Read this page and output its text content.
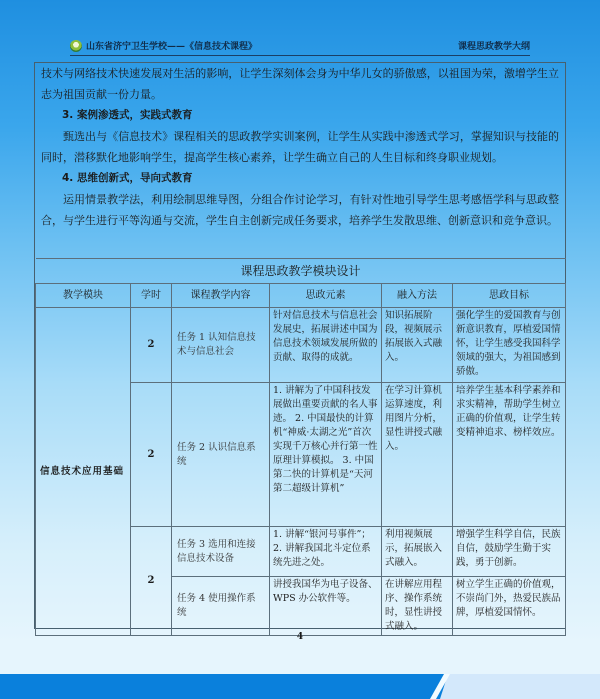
山东省济宁卫生学校——《信息技术课程》	课程思政教学大纲

技术与网络技术快速发展对生活的影响，让学生深刻体会身为中华儿女的骄傲感，以祖国为荣，激增学生立志为祖国贡献一份力量。

3. 案例渗透式，实践式教育

甄选出与《信息技术》课程相关的思政教学实训案例，让学生从实践中渗透式学习，掌握知识与技能的同时，潜移默化地影响学生，提高学生核心素养，让学生确立自己的人生目标和终身职业规划。

4. 思维创新式，导向式教育

运用情景教学法，利用绘制思维导图，分组合作讨论学习，有针对性地引导学生思考感悟学科与思政整合，与学生进行平等沟通与交流，学生自主创新完成任务要求，培养学生发散思维、创新意识和竞争意识。

课程思政教学模块设计					
教学模块	学时	课程教学内容	思政元素	融入方法	思政目标
信息技术应用基础	2	任务 1 认知信息技术与信息社会	针对信息技术与信息社会发展史，拓展讲述中国为信息技术领域发展所做的贡献、取得的成就。	知识拓展阶段，视频展示拓展嵌入式融入。	强化学生的爱国教育与创新意识教育，厚植爱国情怀，让学生感受我国科学领域的强大，为祖国感到骄傲。
	2	任务 2 认识信息系统	1. 讲解为了中国科技发展做出重要贡献的名人事迹。 2. 中国最快的计算机“神威·太湖之光”首次实现千万核心并行第一性原理计算模拟。 3. 中国第二快的计算机是“天河第二超级计算机”	在学习计算机运算速度，利用图片分析，显性讲授式融入。	培养学生基本科学素养和求实精神，帮助学生树立正确的价值观，让学生转变精神追求、榜样效应。
	2	任务 3 选用和连接信息技术设备	1. 讲解“银河号事件”；2. 讲解我国北斗定位系统先进之处。	利用视频展示，拓展嵌入式融入。	增强学生科学自信，民族自信，鼓励学生勤于实践，勇于创新。
		任务 4 使用操作系统	讲授我国华为电子设备、WPS 办公软件等。	在讲解应用程序、操作系统时，显性讲授式融入。	树立学生正确的价值观，不崇尚门外，热爱民族品牌，厚植爱国情怀。
4
